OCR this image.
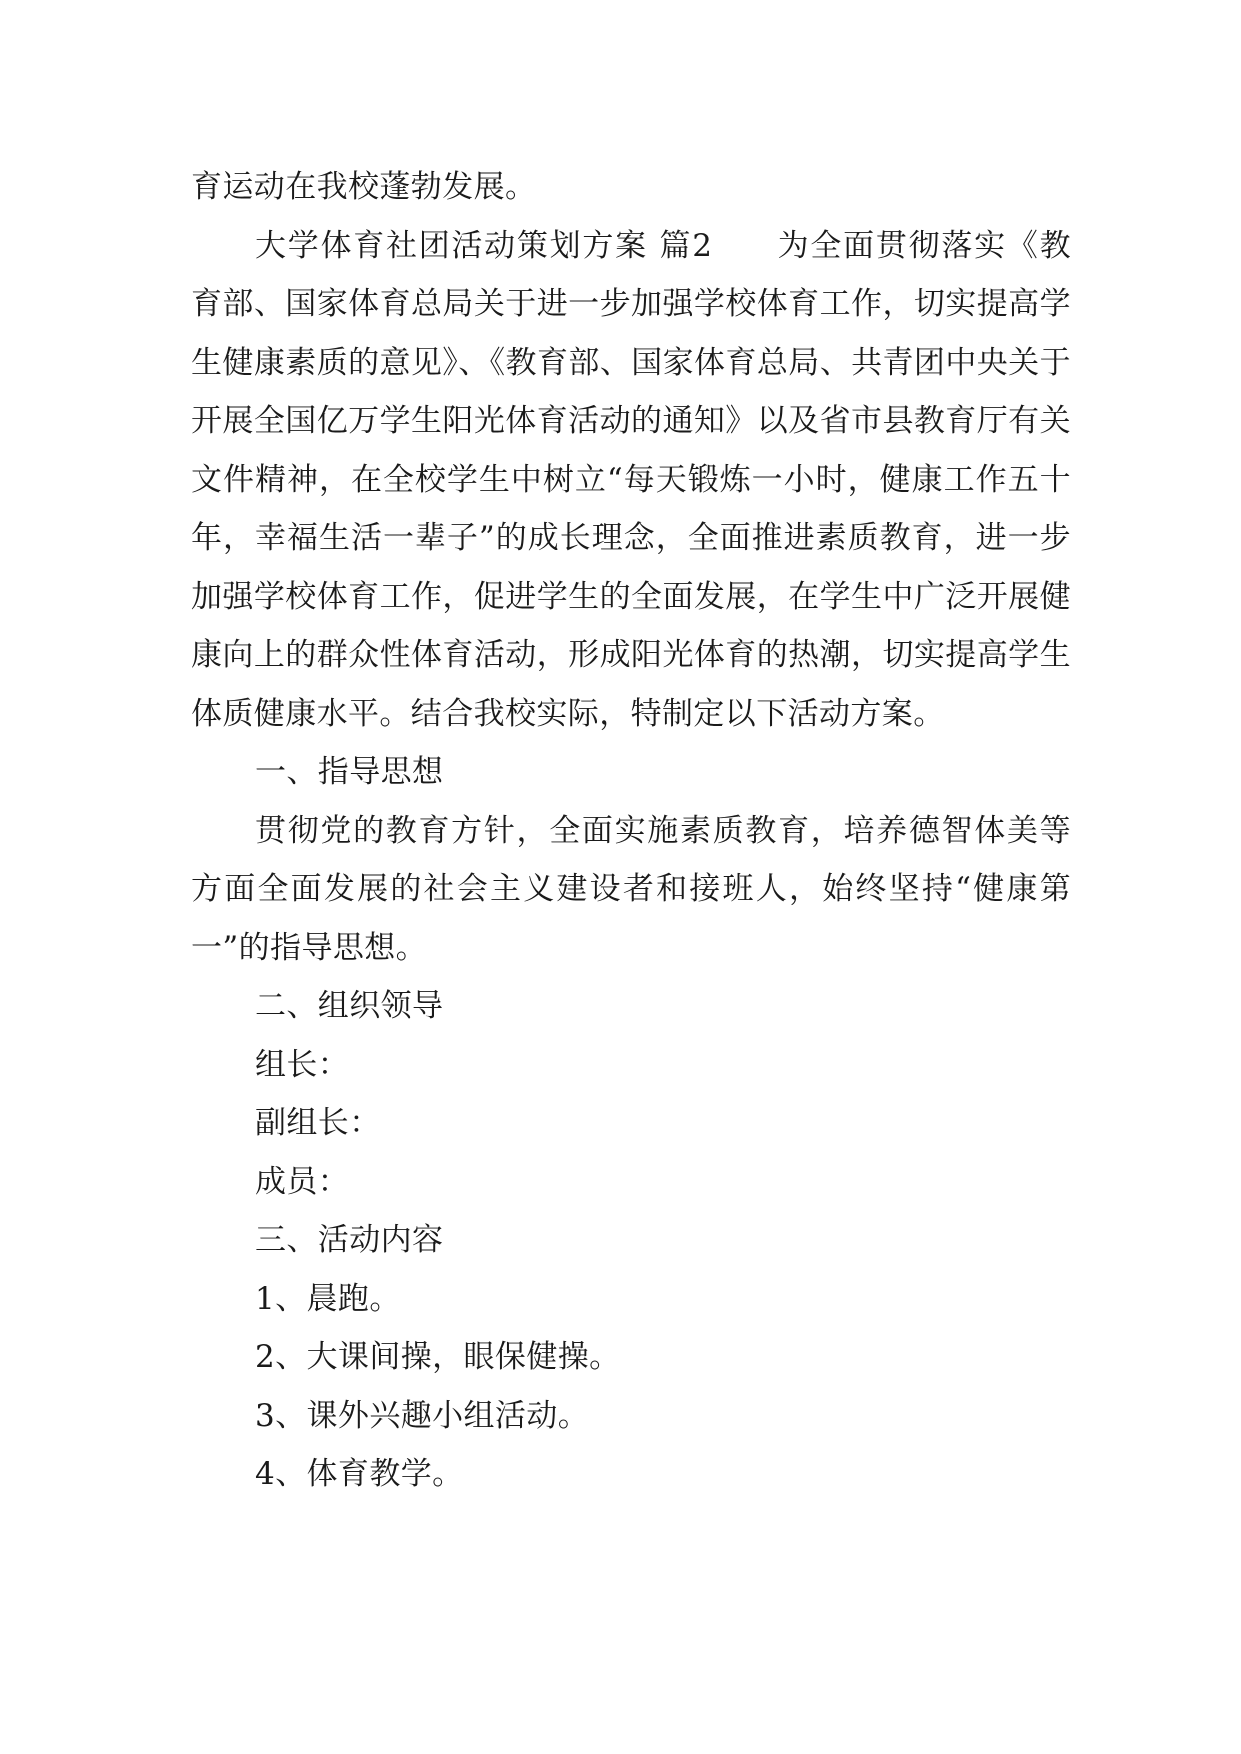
育运动在我校蓬勃发展。

大学体育社团活动策划方案 篇2 为全面贯彻落实《教育部、国家体育总局关于进一步加强学校体育工作，切实提高学生健康素质的意见》、《教育部、国家体育总局、共青团中央关于开展全国亿万学生阳光体育活动的通知》以及省市县教育厅有关文件精神，在全校学生中树立“每天锻炼一小时，健康工作五十年，幸福生活一辈子”的成长理念，全面推进素质教育，进一步加强学校体育工作，促进学生的全面发展，在学生中广泛开展健康向上的群众性体育活动，形成阳光体育的热潮，切实提高学生体质健康水平。结合我校实际，特制定以下活动方案。

一、指导思想

贯彻党的教育方针，全面实施素质教育，培养德智体美等方面全面发展的社会主义建设者和接班人，始终坚持“健康第一”的指导思想。

二、组织领导

组长：

副组长：

成员：

三、活动内容

1、晨跑。

2、大课间操，眼保健操。

3、课外兴趣小组活动。

4、体育教学。
